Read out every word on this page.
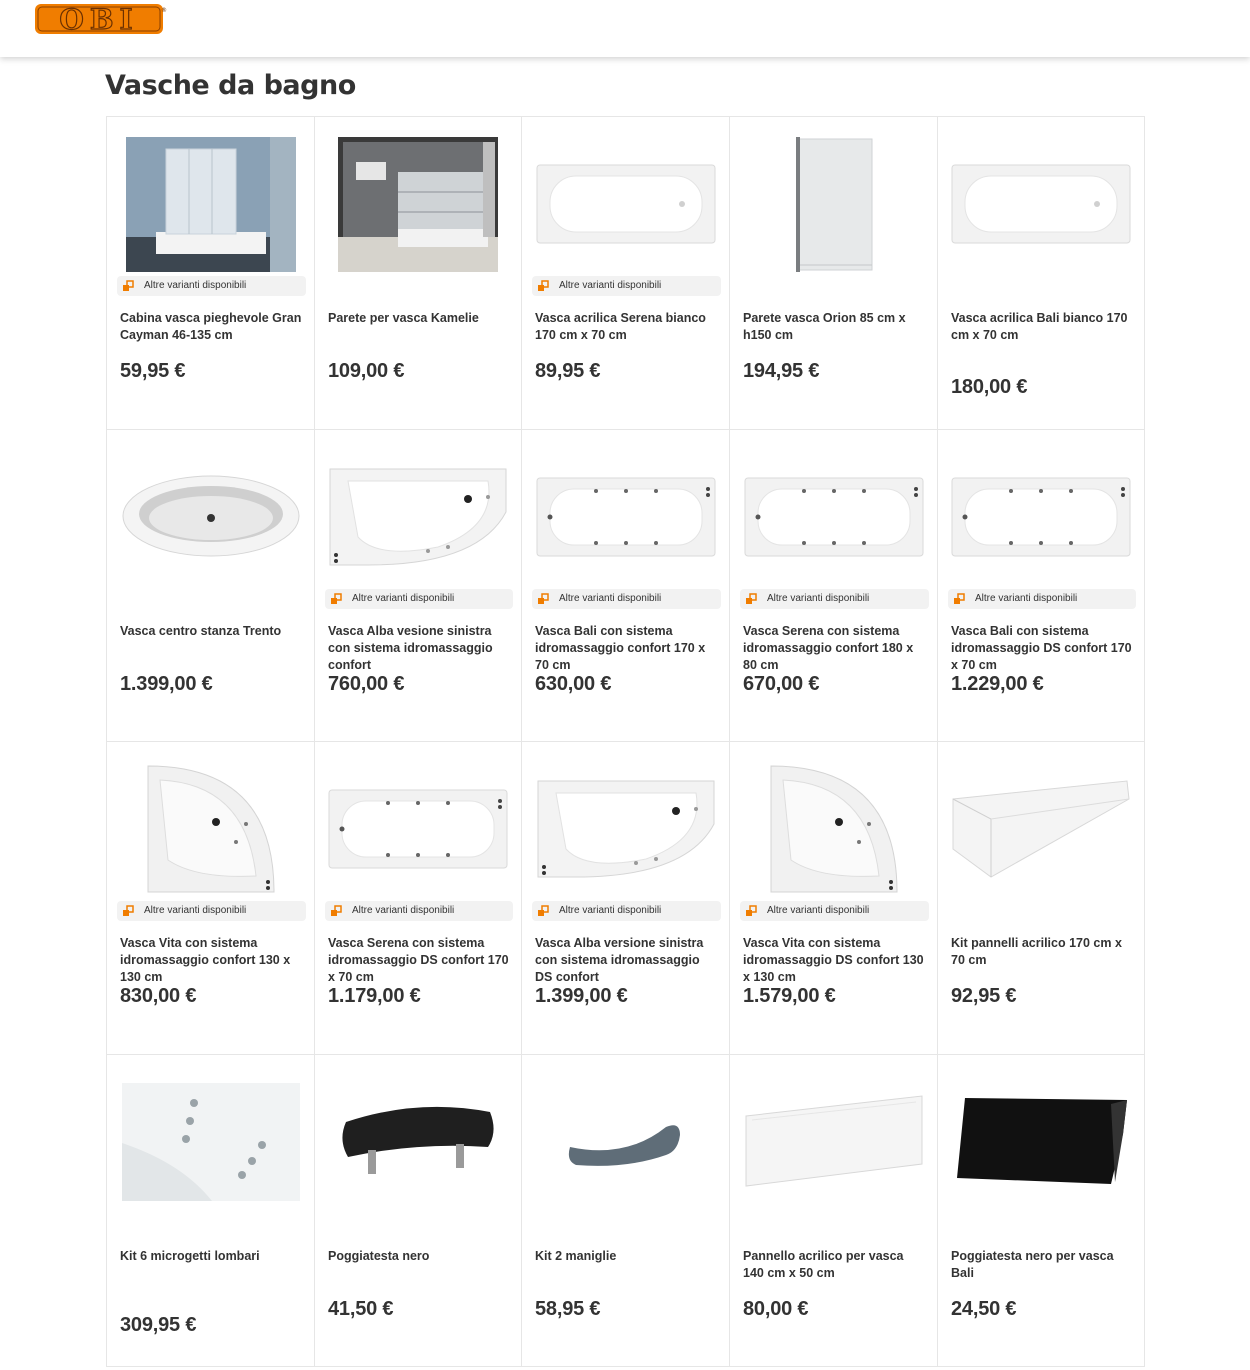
OBI	®
Vasche da bagno
Altre varianti disponibili
Cabina vasca pieghevole Gran Cayman 46-135 cm
59,95 €
Parete per vasca Kamelie
109,00 €
Altre varianti disponibili
Vasca acrilica Serena bianco 170 cm x 70 cm
89,95 €
Parete vasca Orion 85 cm x h150 cm
194,95 €
Vasca acrilica Bali bianco 170 cm x 70 cm
180,00 €
Vasca centro stanza Trento
1.399,00 €
Altre varianti disponibili
Vasca Alba vesione sinistra con sistema idromassaggio confort
760,00 €
Altre varianti disponibili
Vasca Bali con sistema idromassaggio confort 170 x 70 cm
630,00 €
Altre varianti disponibili
Vasca Serena con sistema idromassaggio confort 180 x 80 cm
670,00 €
Altre varianti disponibili
Vasca Bali con sistema idromassaggio DS confort 170 x 70 cm
1.229,00 €
Altre varianti disponibili
Vasca Vita con sistema idromassaggio confort 130 x 130 cm
830,00 €
Altre varianti disponibili
Vasca Serena con sistema idromassaggio DS confort 170 x 70 cm
1.179,00 €
Altre varianti disponibili
Vasca Alba versione sinistra con sistema idromassaggio DS confort
1.399,00 €
Altre varianti disponibili
Vasca Vita con sistema idromassaggio DS confort 130 x 130 cm
1.579,00 €
Kit pannelli acrilico 170 cm x 70 cm
92,95 €
Kit 6 microgetti lombari
309,95 €
Poggiatesta nero
41,50 €
Kit 2 maniglie
58,95 €
Pannello acrilico per vasca 140 cm x 50 cm
80,00 €
Poggiatesta nero per vasca Bali
24,50 €
